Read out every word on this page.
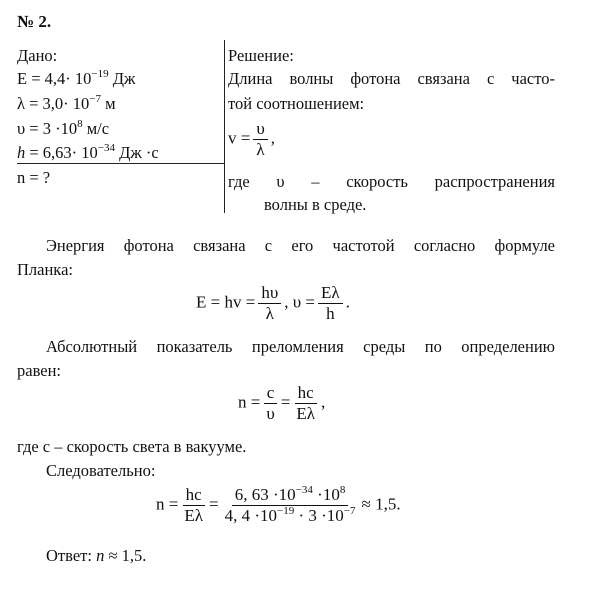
№ 2.
Дано:
$E = 4,4\cdot 10^{-19}$ Дж
$\lambda = 3,0\cdot 10^{-7}$ м
$\upsilon = 3 \cdot 10^8$ м/с
$h = 6,63\cdot 10^{-34}$ Дж ·с
n = ?
Решение:
Длина волны фотона связана с часто-
той соотношением:
$v = \frac{\upsilon}{\lambda}$ ,
где υ – скорость распространения
волны в среде.
Энергия фотона связана с его частотой согласно формуле
Планка:
E = hv = $\frac{h\upsilon}{\lambda}$ , $\upsilon = \frac{E\lambda}{h}$ .
Абсолютный показатель преломления среды по определению
равен:
$n = \frac{c}{\upsilon} = \frac{hc}{E\lambda}$ ,
где c – скорость света в вакууме.
Следовательно:
$n = \frac{hc}{E\lambda} = \frac{6, 63 \cdot 10^{-34} \cdot 10^8}{4, 4 \cdot 10^{-19} \cdot 3 \cdot 10^{-7}} \approx 1,5$.
Ответ: n ≈ 1,5.
